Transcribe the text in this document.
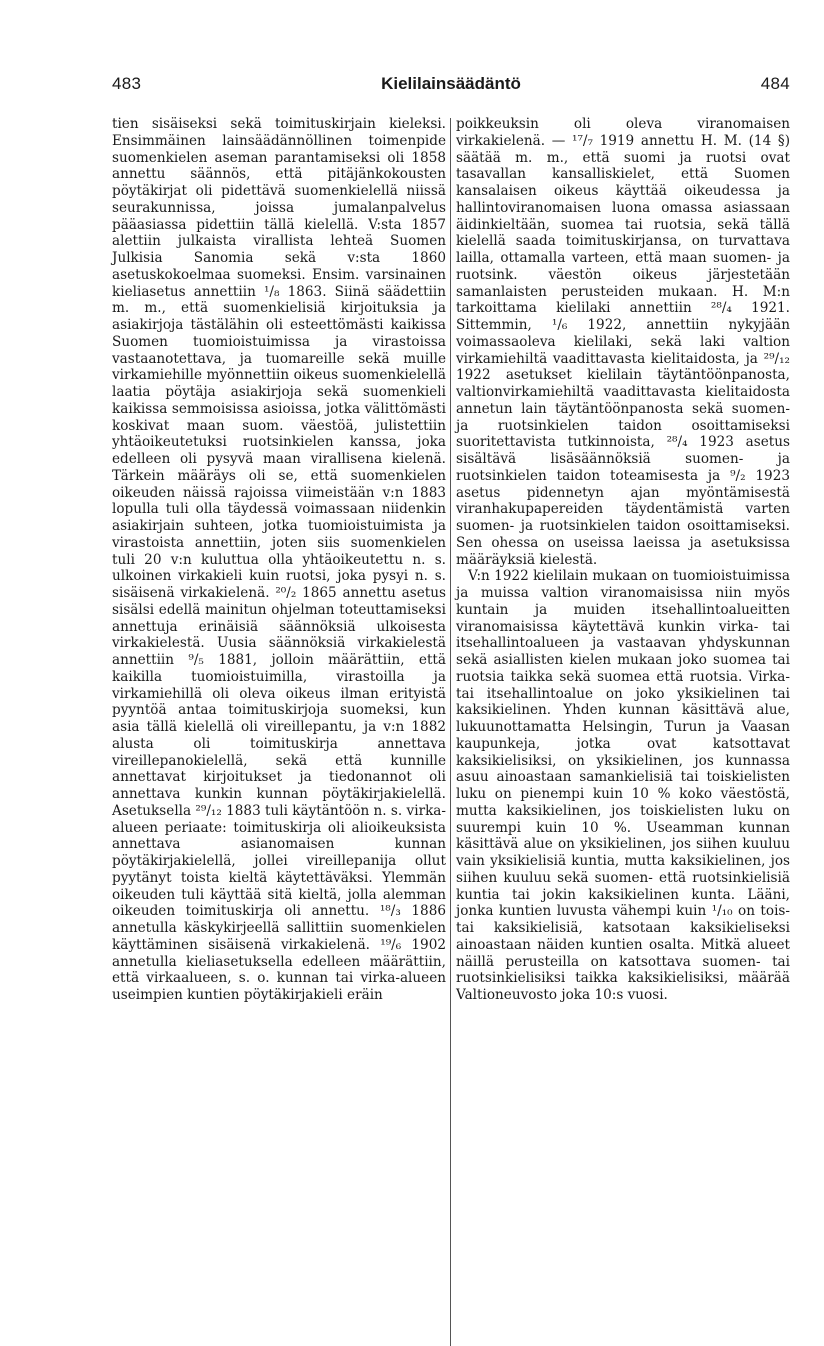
483	Kielilainsäädäntö	484

tien sisäiseksi sekä toimituskirjain kieleksi. Ensimmäinen lainsäädännöllinen toimenpide suomenkielen aseman parantamiseksi oli 1858 annettu säännös, että pitäjänkokousten pöytäkirjat oli pidettävä suomenkielellä niissä seurakunnissa, joissa jumalanpalvelus pääasiassa pidettiin tällä kielellä. V:sta 1857 alettiin julkaista virallista lehteä Suomen Julkisia Sanomia sekä v:sta 1860 asetuskokoelmaa suomeksi. Ensim. varsinainen kieliasetus annettiin ¹/₈ 1863. Siinä säädettiin m. m., että suomenkielisiä kirjoituksia ja asiakirjoja tästälähin oli esteettömästi kaikissa Suomen tuomioistuimissa ja virastoissa vastaanotettava, ja tuomareille sekä muille virkamiehille myönnettiin oikeus suomenkielellä laatia pöytäja asiakirjoja sekä suomenkieli kaikissa semmoisissa asioissa, jotka välittömästi koskivat maan suom. väestöä, julistettiin yhtäoikeutetuksi ruotsinkielen kanssa, joka edelleen oli pysyvä maan virallisena kielenä. Tärkein määräys oli se, että suomenkielen oikeuden näissä rajoissa viimeistään v:n 1883 lopulla tuli olla täydessä voimassaan niidenkin asiakirjain suhteen, jotka tuomioistuimista ja virastoista annettiin, joten siis suomenkielen tuli 20 v:n kuluttua olla yhtäoikeutettu n. s. ulkoinen virkakieli kuin ruotsi, joka pysyi n. s. sisäisenä virkakielenä. ²⁰/₂ 1865 annettu asetus sisälsi edellä mainitun ohjelman toteuttamiseksi annettuja erinäisiä säännöksiä ulkoisesta virkakielestä. Uusia säännöksiä virkakielestä annettiin ⁹/₅ 1881, jolloin määrättiin, että kaikilla tuomioistuimilla, virastoilla ja virkamiehillä oli oleva oikeus ilman erityistä pyyntöä antaa toimituskirjoja suomeksi, kun asia tällä kielellä oli vireillepantu, ja v:n 1882 alusta oli toimituskirja annettava vireillepanokielellä, sekä että kunnille annettavat kirjoitukset ja tiedonannot oli annettava kunkin kunnan pöytäkirjakielellä. Asetuksella ²⁹/₁₂ 1883 tuli käytäntöön n. s. virka-alueen periaate: toimituskirja oli alioikeuksista annettava asianomaisen kunnan pöytäkirjakielellä, jollei vireillepanija ollut pyytänyt toista kieltä käytettäväksi. Ylemmän oikeuden tuli käyttää sitä kieltä, jolla alemman oikeuden toimituskirja oli annettu. ¹⁸/₃ 1886 annetulla käskykirjeellä sallittiin suomenkielen käyttäminen sisäisenä virkakielenä. ¹⁹/₆ 1902 annetulla kieliasetuksella edelleen määrättiin, että virkaalueen, s. o. kunnan tai virka-alueen useimpien kuntien pöytäkirjakieli eräin

poikkeuksin oli oleva viranomaisen virkakielenä. — ¹⁷/₇ 1919 annettu H. M. (14 §) säätää m. m., että suomi ja ruotsi ovat tasavallan kansalliskielet, että Suomen kansalaisen oikeus käyttää oikeudessa ja hallintoviranomaisen luona omassa asiassaan äidinkieltään, suomea tai ruotsia, sekä tällä kielellä saada toimituskirjansa, on turvattava lailla, ottamalla varteen, että maan suomen- ja ruotsink. väestön oikeus järjestetään samanlaisten perusteiden mukaan. H. M:n tarkoittama kielilaki annettiin ²⁸/₄ 1921. Sittemmin, ¹/₆ 1922, annettiin nykyjään voimassaoleva kielilaki, sekä laki valtion virkamiehiltä vaadittavasta kielitaidosta, ja ²⁹/₁₂ 1922 asetukset kielilain täytäntöönpanosta, valtionvirkamiehiltä vaadittavasta kielitaidosta annetun lain täytäntöönpanosta sekä suomen- ja ruotsinkielen taidon osoittamiseksi suoritettavista tutkinnoista, ²⁸/₄ 1923 asetus sisältävä lisäsäännöksiä suomen- ja ruotsinkielen taidon toteamisesta ja ⁹/₂ 1923 asetus pidennetyn ajan myöntämisestä viranhakupapereiden täydentämistä varten suomen- ja ruotsinkielen taidon osoittamiseksi. Sen ohessa on useissa laeissa ja asetuksissa määräyksiä kielestä.

V:n 1922 kielilain mukaan on tuomioistuimissa ja muissa valtion viranomaisissa niin myös kuntain ja muiden itsehallintoalueitten viranomaisissa käytettävä kunkin virka- tai itsehallintoalueen ja vastaavan yhdyskunnan sekä asiallisten kielen mukaan joko suomea tai ruotsia taikka sekä suomea että ruotsia. Virka- tai itsehallintoalue on joko yksikielinen tai kaksikielinen. Yhden kunnan käsittävä alue, lukuunottamatta Helsingin, Turun ja Vaasan kaupunkeja, jotka ovat katsottavat kaksikielisiksi, on yksikielinen, jos kunnassa asuu ainoastaan samankielisiä tai toiskielisten luku on pienempi kuin 10 % koko väestöstä, mutta kaksikielinen, jos toiskielisten luku on suurempi kuin 10 %. Useamman kunnan käsittävä alue on yksikielinen, jos siihen kuuluu vain yksikielisiä kuntia, mutta kaksikielinen, jos siihen kuuluu sekä suomen- että ruotsinkielisiä kuntia tai jokin kaksikielinen kunta. Lääni, jonka kuntien luvusta vähempi kuin ¹/₁₀ on tois- tai kaksikielisiä, katsotaan kaksikieliseksi ainoastaan näiden kuntien osalta. Mitkä alueet näillä perusteilla on katsottava suomen- tai ruotsinkielisiksi taikka kaksikielisiksi, määrää Valtioneuvosto joka 10:s vuosi.
